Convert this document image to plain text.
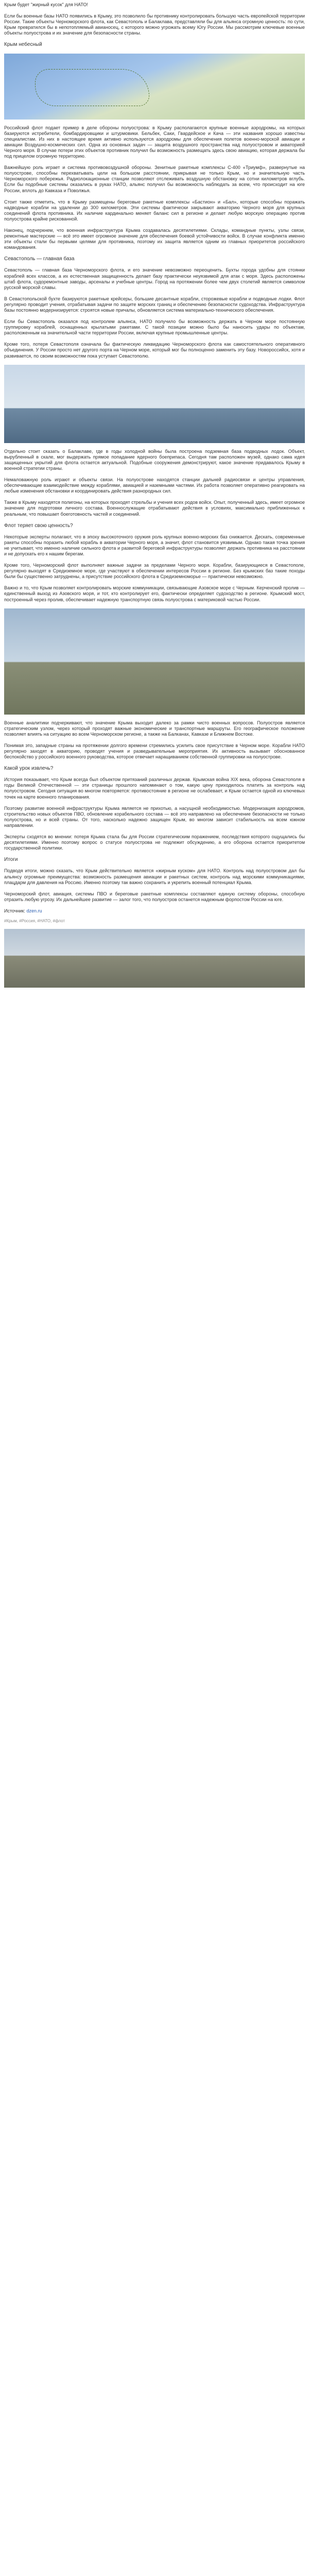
Крым будет "жирный кусок" для НАТО!

Если бы военные базы НАТО появились в Крыму, это позволило бы противнику контролировать большую часть европейской территории России. Такие объекты Черноморского флота, как Севастополь и Балаклава, представляли бы для альянса огромную ценность: по сути, Крым превратился бы в непотопляемый авианосец, с которого можно угрожать всему Югу России. Мы рассмотрим ключевые военные объекты полуострова и их значение для безопасности страны.

Крым небесный

Российский флот подает пример в деле обороны полуострова: в Крыму располагаются крупные военные аэродромы, на которых базируются истребители, бомбардировщики и штурмовики. Бельбек, Саки, Гвардейское и Кача — эти названия хорошо известны специалистам. Из них в настоящее время активно используются аэродромы для обеспечения полетов военно-морской авиации и авиации Воздушно-космических сил. Одна из основных задач — защита воздушного пространства над полуостровом и акваторией Черного моря. В случае потери этих объектов противник получил бы возможность размещать здесь свою авиацию, которая держала бы под прицелом огромную территорию.

Важнейшую роль играет и система противовоздушной обороны. Зенитные ракетные комплексы С-400 «Триумф», развернутые на полуострове, способны перехватывать цели на большом расстоянии, прикрывая не только Крым, но и значительную часть Черноморского побережья. Радиолокационные станции позволяют отслеживать воздушную обстановку на сотни километров вглубь. Если бы подобные системы оказались в руках НАТО, альянс получил бы возможность наблюдать за всем, что происходит на юге России, вплоть до Кавказа и Поволжья.

Стоит также отметить, что в Крыму размещены береговые ракетные комплексы «Бастион» и «Бал», которые способны поражать надводные корабли на удалении до 300 километров. Эти системы фактически закрывают акваторию Черного моря для крупных соединений флота противника. Их наличие кардинально меняет баланс сил в регионе и делает любую морскую операцию против полуострова крайне рискованной.

Наконец, подчеркнем, что военная инфраструктура Крыма создавалась десятилетиями. Склады, командные пункты, узлы связи, ремонтные мастерские — всё это имеет огромное значение для обеспечения боевой устойчивости войск. В случае конфликта именно эти объекты стали бы первыми целями для противника, поэтому их защита является одним из главных приоритетов российского командования.

Севастополь — главная база

Севастополь — главная база Черноморского флота, и его значение невозможно переоценить. Бухты города удобны для стоянки кораблей всех классов, а их естественная защищенность делает базу практически неуязвимой для атак с моря. Здесь расположены штаб флота, судоремонтные заводы, арсеналы и учебные центры. Город на протяжении более чем двух столетий является символом русской морской славы.

В Севастопольской бухте базируются ракетные крейсеры, большие десантные корабли, сторожевые корабли и подводные лодки. Флот регулярно проводит учения, отрабатывая задачи по защите морских границ и обеспечению безопасности судоходства. Инфраструктура базы постоянно модернизируется: строятся новые причалы, обновляется система материально-технического обеспечения.

Если бы Севастополь оказался под контролем альянса, НАТО получило бы возможность держать в Черном море постоянную группировку кораблей, оснащенных крылатыми ракетами. С такой позиции можно было бы наносить удары по объектам, расположенным на значительной части территории России, включая крупные промышленные центры.

Кроме того, потеря Севастополя означала бы фактическую ликвидацию Черноморского флота как самостоятельного оперативного объединения. У России просто нет другого порта на Черном море, который мог бы полноценно заменить эту базу. Новороссийск, хотя и развивается, по своим возможностям пока уступает Севастополю.

Отдельно стоит сказать о Балаклаве, где в годы холодной войны была построена подземная база подводных лодок. Объект, вырубленный в скале, мог выдержать прямое попадание ядерного боеприпаса. Сегодня там расположен музей, однако сама идея защищенных укрытий для флота остается актуальной. Подобные сооружения демонстрируют, какое значение придавалось Крыму в военной стратегии страны.

Немаловажную роль играют и объекты связи. На полуострове находятся станции дальней радиосвязи и центры управления, обеспечивающие взаимодействие между кораблями, авиацией и наземными частями. Их работа позволяет оперативно реагировать на любые изменения обстановки и координировать действия разнородных сил.

Также в Крыму находятся полигоны, на которых проходят стрельбы и учения всех родов войск. Опыт, полученный здесь, имеет огромное значение для подготовки личного состава. Военнослужащие отрабатывают действия в условиях, максимально приближенных к реальным, что повышает боеготовность частей и соединений.

Флот теряет свою ценность?

Некоторые эксперты полагают, что в эпоху высокоточного оружия роль крупных военно-морских баз снижается. Дескать, современные ракеты способны поразить любой корабль в акватории Черного моря, а значит, флот становится уязвимым. Однако такая точка зрения не учитывает, что именно наличие сильного флота и развитой береговой инфраструктуры позволяет держать противника на расстоянии и не допускать его к нашим берегам.

Кроме того, Черноморский флот выполняет важные задачи за пределами Черного моря. Корабли, базирующиеся в Севастополе, регулярно выходят в Средиземное море, где участвуют в обеспечении интересов России в регионе. Без крымских баз такие походы были бы существенно затруднены, а присутствие российского флота в Средиземноморье — практически невозможно.

Важно и то, что Крым позволяет контролировать морские коммуникации, связывающие Азовское море с Черным. Керченский пролив — единственный выход из Азовского моря, и тот, кто контролирует его, фактически определяет судоходство в регионе. Крымский мост, построенный через пролив, обеспечивает надежную транспортную связь полуострова с материковой частью России.

Военные аналитики подчеркивают, что значение Крыма выходит далеко за рамки чисто военных вопросов. Полуостров является стратегическим узлом, через который проходят важные экономические и транспортные маршруты. Его географическое положение позволяет влиять на ситуацию во всем Черноморском регионе, а также на Балканах, Кавказе и Ближнем Востоке.

Понимая это, западные страны на протяжении долгого времени стремились усилить свое присутствие в Черном море. Корабли НАТО регулярно заходят в акваторию, проводят учения и разведывательные мероприятия. Их активность вызывает обоснованное беспокойство у российского военного руководства, которое отвечает наращиванием собственной группировки на полуострове.

Какой урок извлечь?

История показывает, что Крым всегда был объектом притязаний различных держав. Крымская война XIX века, оборона Севастополя в годы Великой Отечественной — эти страницы прошлого напоминают о том, какую цену приходилось платить за контроль над полуостровом. Сегодня ситуация во многом повторяется: противостояние в регионе не ослабевает, и Крым остается одной из ключевых точек на карте военного планирования.

Поэтому развитие военной инфраструктуры Крыма является не прихотью, а насущной необходимостью. Модернизация аэродромов, строительство новых объектов ПВО, обновление корабельного состава — всё это направлено на обеспечение безопасности не только полуострова, но и всей страны. От того, насколько надежно защищен Крым, во многом зависит стабильность на всем южном направлении.

Эксперты сходятся во мнении: потеря Крыма стала бы для России стратегическим поражением, последствия которого ощущались бы десятилетиями. Именно поэтому вопрос о статусе полуострова не подлежит обсуждению, а его оборона остается приоритетом государственной политики.

Итоги

Подводя итоги, можно сказать, что Крым действительно является «жирным куском» для НАТО. Контроль над полуостровом дал бы альянсу огромные преимущества: возможность размещения авиации и ракетных систем, контроль над морскими коммуникациями, плацдарм для давления на Россию. Именно поэтому так важно сохранить и укрепить военный потенциал Крыма.

Черноморский флот, авиация, системы ПВО и береговые ракетные комплексы составляют единую систему обороны, способную отразить любую угрозу. Их дальнейшее развитие — залог того, что полуостров останется надежным форпостом России на юге.

Источник: dzen.ru
#Крым, #Россия, #НАТО, #флот
